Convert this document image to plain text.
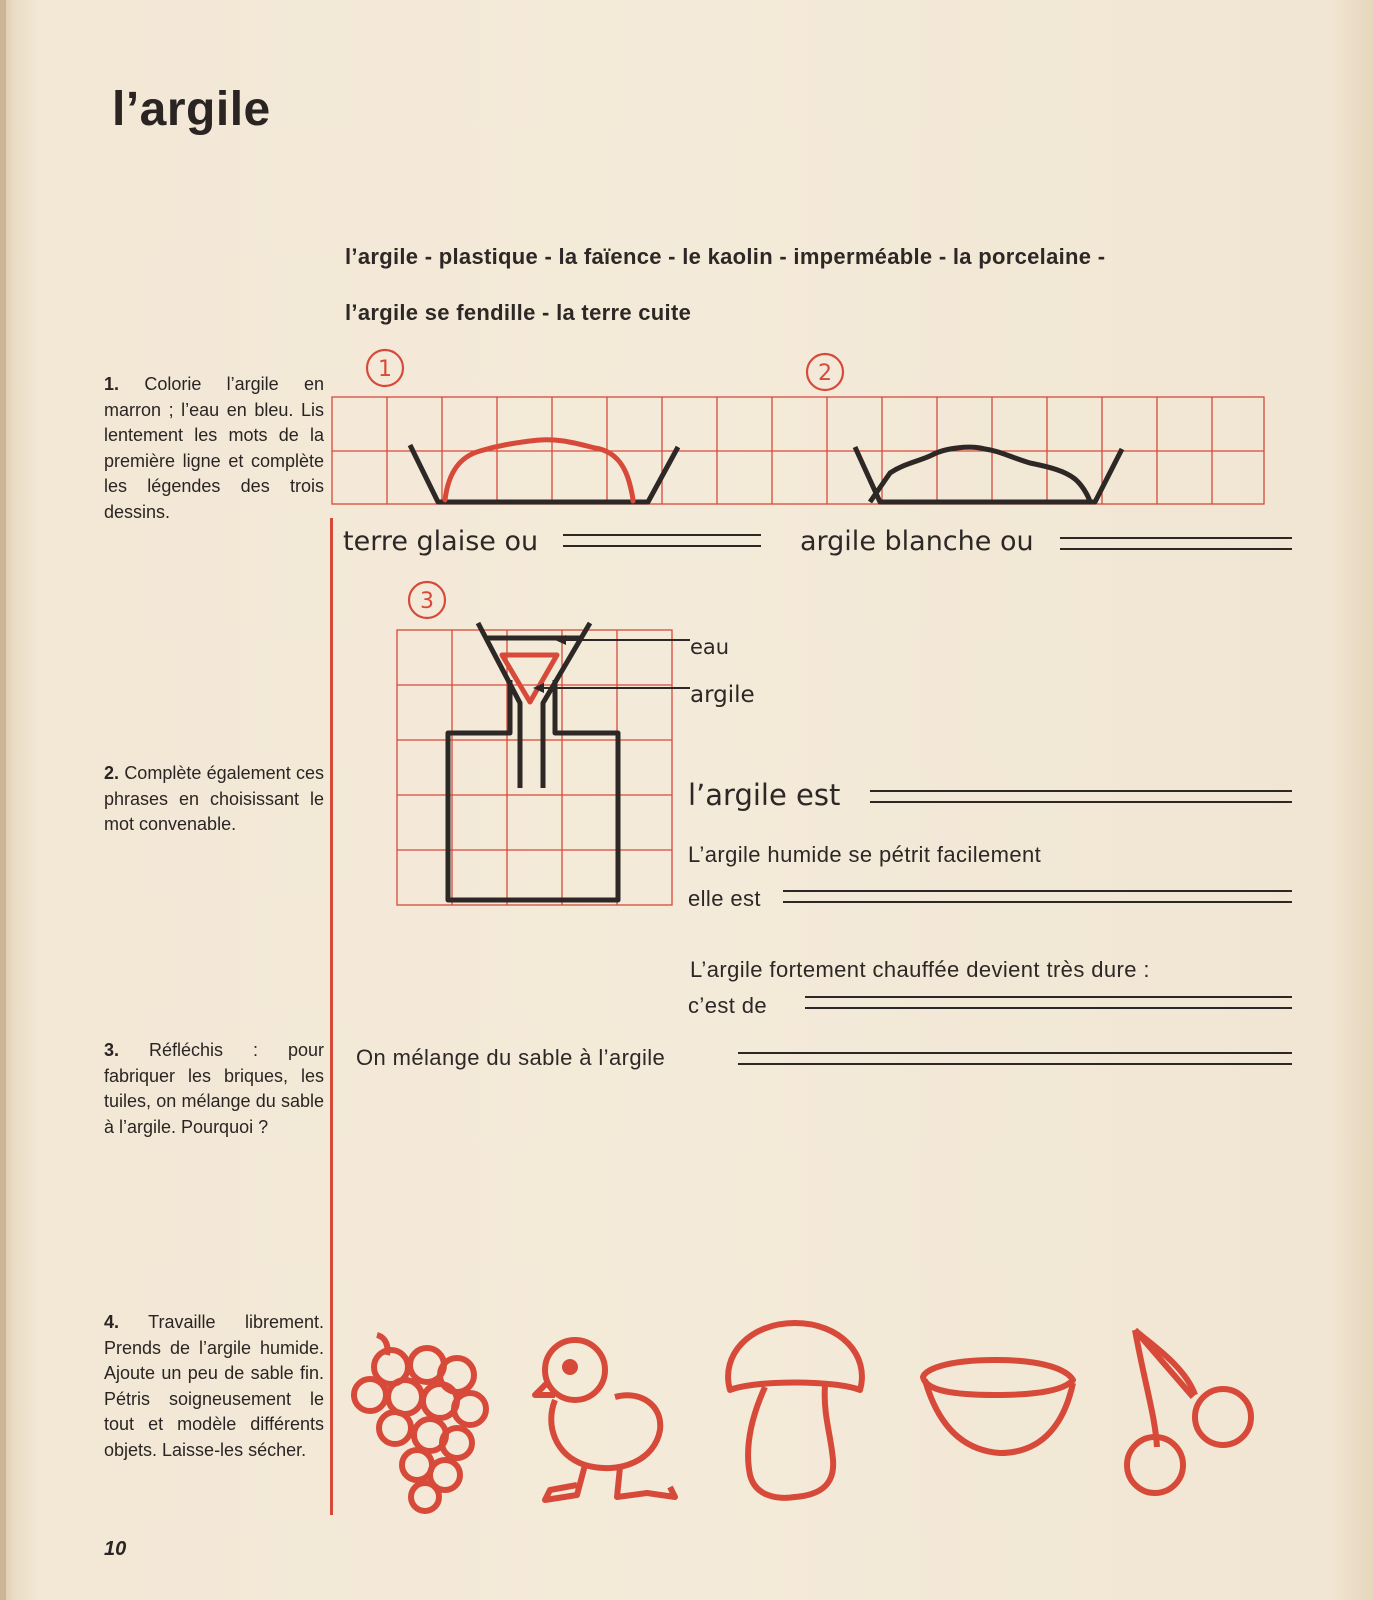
l’argile
l’argile - plastique - la faïence - le kaolin - imperméable - la porcelaine -
l’argile se fendille - la terre cuite
1. Colorie l’argile en marron ; l’eau en bleu. Lis lentement les mots de la première ligne et complète les légendes des trois dessins.
2. Complète également ces phrases en choisissant le mot convenable.
3. Réfléchis : pour fabriquer les briques, les tuiles, on mélange du sable à l’argile. Pourquoi ?
4. Travaille librement. Prends de l’argile humide. Ajoute un peu de sable fin. Pétris soigneusement le tout et modèle différents objets. Laisse-les sécher.
1	2
terre glaise ou	argile blanche ou
3
eau
argile
l’argile est
L’argile humide se pétrit facilement
elle est
L’argile fortement chauffée devient très dure :
c’est de
On mélange du sable à l’argile
10
